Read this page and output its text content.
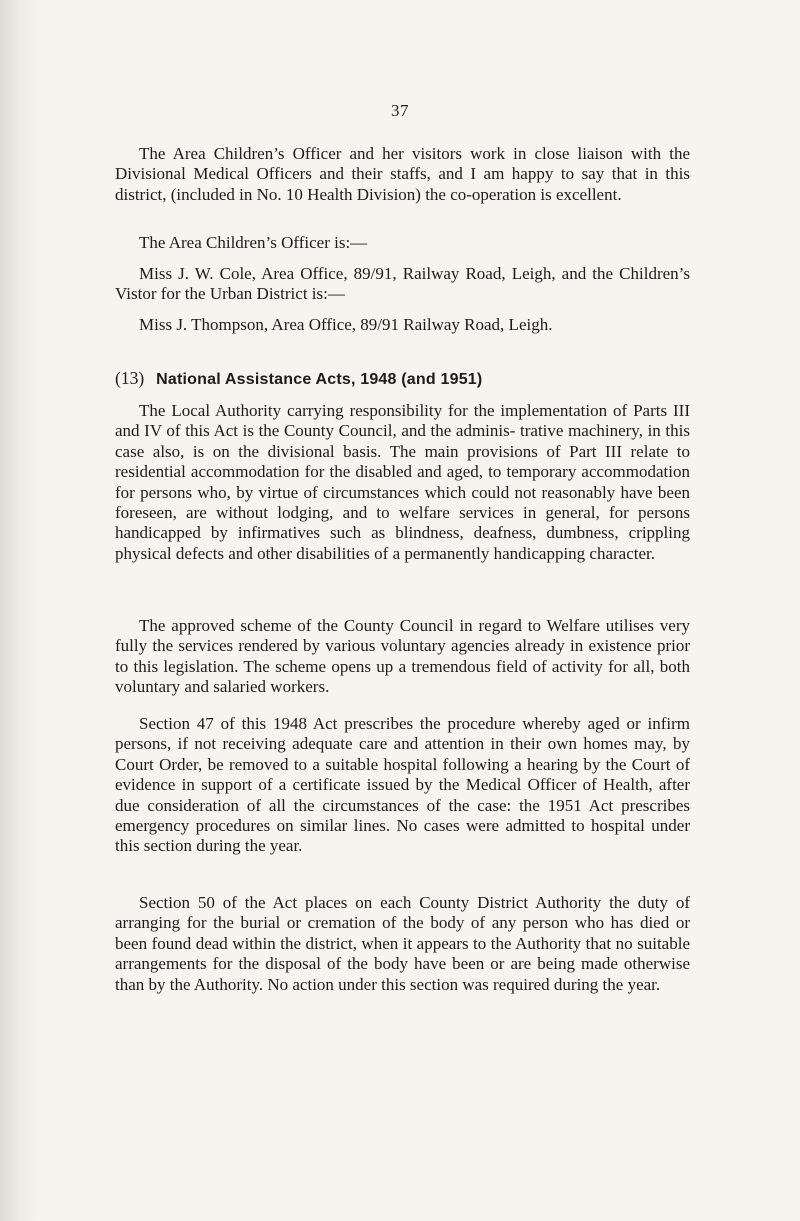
37

The Area Children’s Officer and her visitors work in close liaison with the Divisional Medical Officers and their staffs, and I am happy to say that in this district, (included in No. 10 Health Division) the co-operation is excellent.

The Area Children’s Officer is:—

Miss J. W. Cole, Area Office, 89/91, Railway Road, Leigh, and the Children’s Vistor for the Urban District is:—

Miss J. Thompson, Area Office, 89/91 Railway Road, Leigh.
(13) National Assistance Acts, 1948 (and 1951)

The Local Authority carrying responsibility for the implementation of Parts III and IV of this Act is the County Council, and the adminis- trative machinery, in this case also, is on the divisional basis. The main provisions of Part III relate to residential accommodation for the disabled and aged, to temporary accommodation for persons who, by virtue of circumstances which could not reasonably have been foreseen, are without lodging, and to welfare services in general, for persons handicapped by infirmatives such as blindness, deafness, dumbness, crippling physical defects and other disabilities of a permanently handicapping character.

The approved scheme of the County Council in regard to Welfare utilises very fully the services rendered by various voluntary agencies already in existence prior to this legislation. The scheme opens up a tremendous field of activity for all, both voluntary and salaried workers.

Section 47 of this 1948 Act prescribes the procedure whereby aged or infirm persons, if not receiving adequate care and attention in their own homes may, by Court Order, be removed to a suitable hospital following a hearing by the Court of evidence in support of a certificate issued by the Medical Officer of Health, after due consideration of all the circumstances of the case: the 1951 Act prescribes emergency procedures on similar lines. No cases were admitted to hospital under this section during the year.

Section 50 of the Act places on each County District Authority the duty of arranging for the burial or cremation of the body of any person who has died or been found dead within the district, when it appears to the Authority that no suitable arrangements for the disposal of the body have been or are being made otherwise than by the Authority. No action under this section was required during the year.
